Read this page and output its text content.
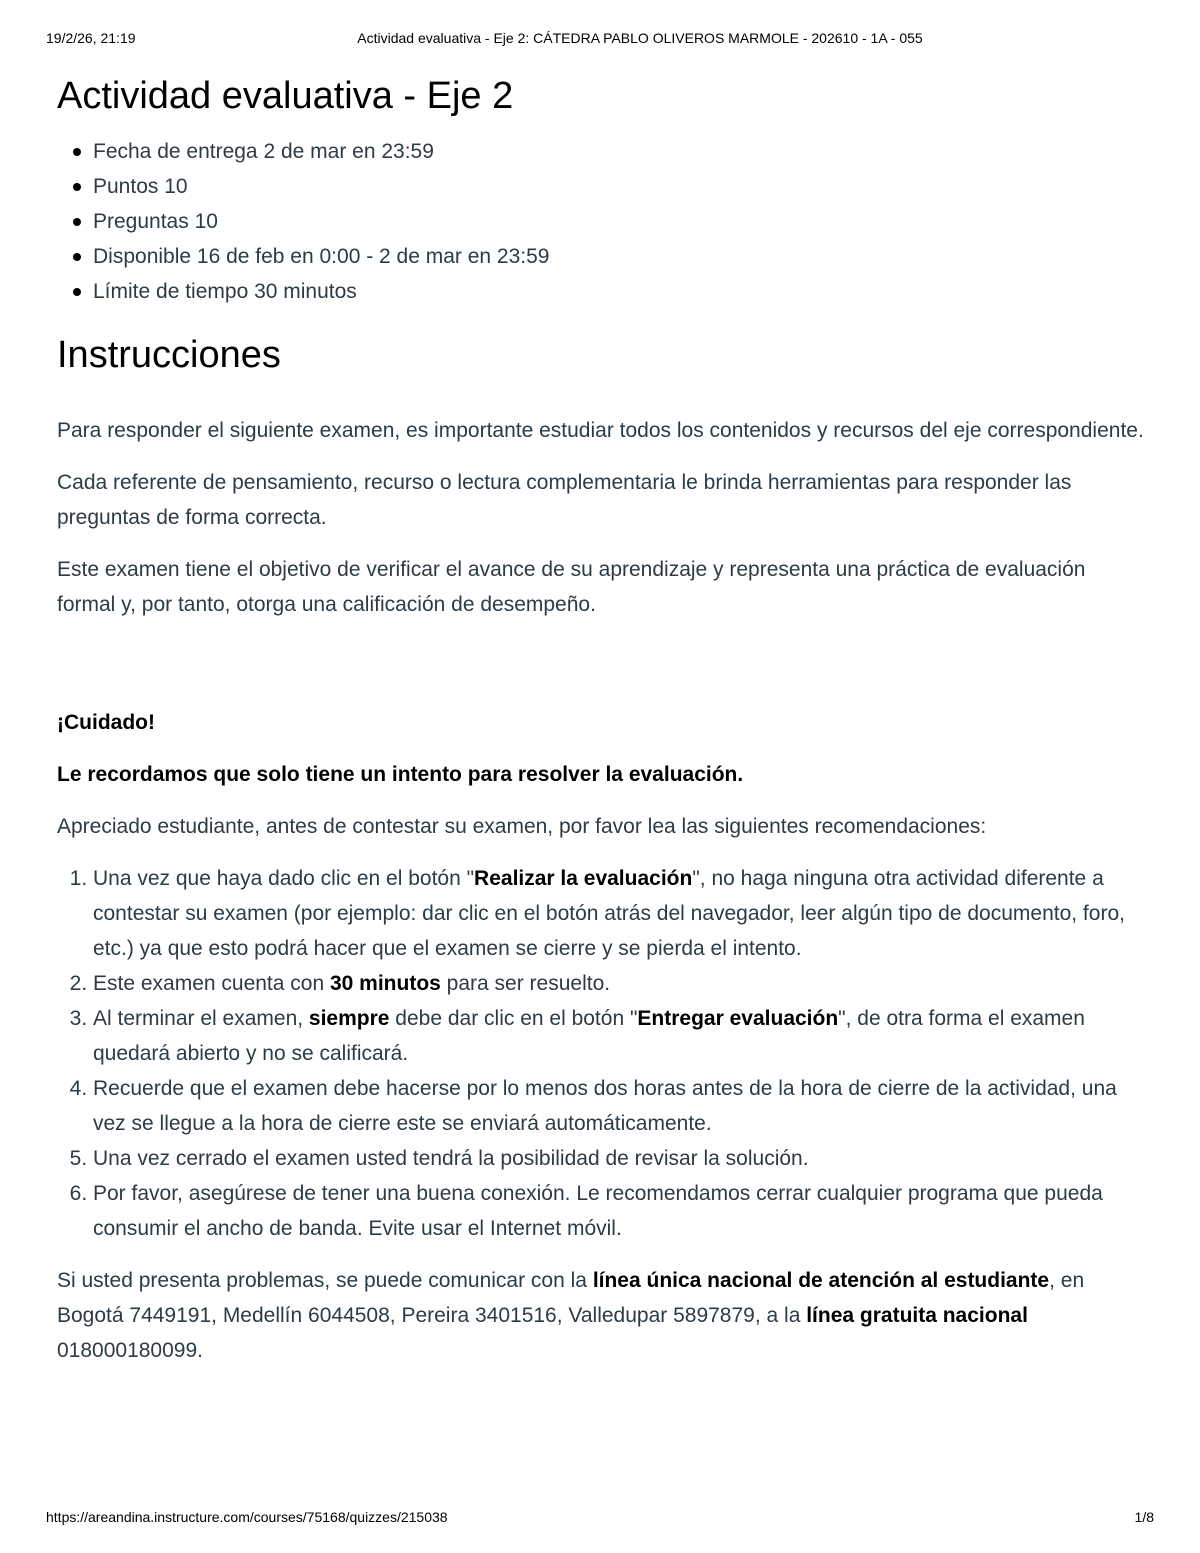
19/2/26, 21:19	Actividad evaluativa - Eje 2: CÁTEDRA PABLO OLIVEROS MARMOLE - 202610 - 1A - 055
Actividad evaluativa - Eje 2
Fecha de entrega 2 de mar en 23:59
Puntos 10
Preguntas 10
Disponible 16 de feb en 0:00 - 2 de mar en 23:59
Límite de tiempo 30 minutos
Instrucciones

Para responder el siguiente examen, es importante estudiar todos los contenidos y recursos del eje correspondiente.

Cada referente de pensamiento, recurso o lectura complementaria le brinda herramientas para responder las preguntas de forma correcta.

Este examen tiene el objetivo de verificar el avance de su aprendizaje y representa una práctica de evaluación formal y, por tanto, otorga una calificación de desempeño.

¡Cuidado!

Le recordamos que solo tiene un intento para resolver la evaluación.

Apreciado estudiante, antes de contestar su examen, por favor lea las siguientes recomendaciones:

1. Una vez que haya dado clic en el botón "Realizar la evaluación", no haga ninguna otra actividad diferente a contestar su examen (por ejemplo: dar clic en el botón atrás del navegador, leer algún tipo de documento, foro, etc.) ya que esto podrá hacer que el examen se cierre y se pierda el intento.
2. Este examen cuenta con 30 minutos para ser resuelto.
3. Al terminar el examen, siempre debe dar clic en el botón "Entregar evaluación", de otra forma el examen quedará abierto y no se calificará.
4. Recuerde que el examen debe hacerse por lo menos dos horas antes de la hora de cierre de la actividad, una vez se llegue a la hora de cierre este se enviará automáticamente.
5. Una vez cerrado el examen usted tendrá la posibilidad de revisar la solución.
6. Por favor, asegúrese de tener una buena conexión. Le recomendamos cerrar cualquier programa que pueda consumir el ancho de banda. Evite usar el Internet móvil.

Si usted presenta problemas, se puede comunicar con la línea única nacional de atención al estudiante, en Bogotá 7449191, Medellín 6044508, Pereira 3401516, Valledupar 5897879, a la línea gratuita nacional 018000180099.

https://areandina.instructure.com/courses/75168/quizzes/215038	1/8
